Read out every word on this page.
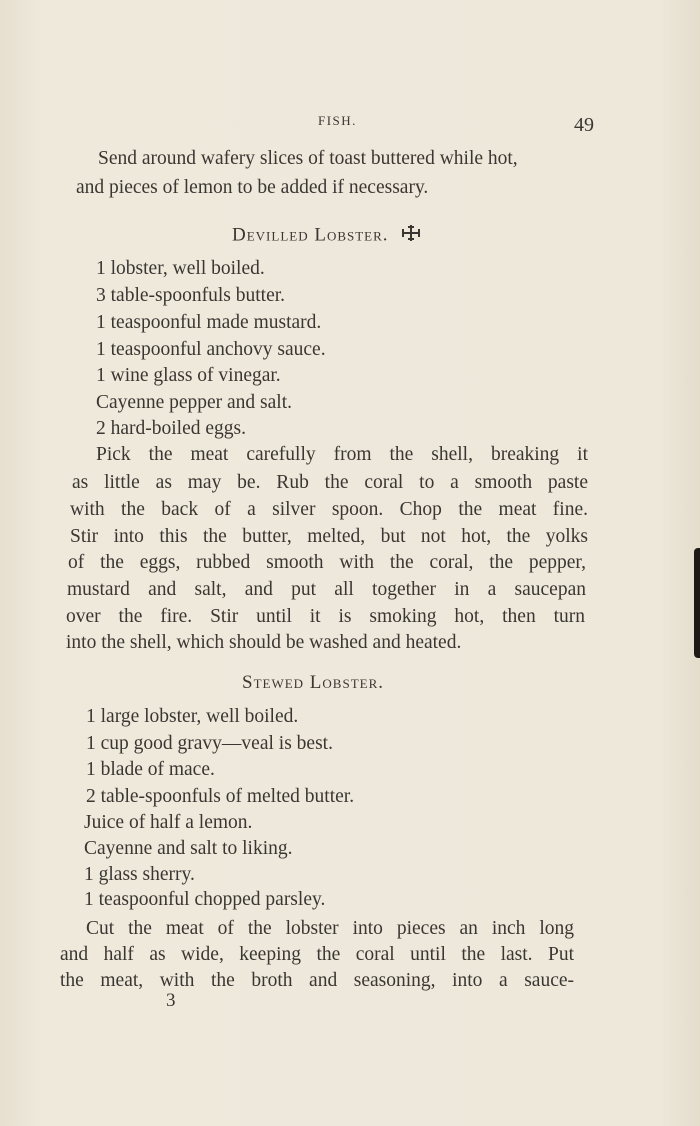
FISH.	49
Send around wafery slices of toast buttered while hot,
and pieces of lemon to be added if necessary.
Devilled Lobster.
1 lobster, well boiled.
3 table-spoonfuls butter.
1 teaspoonful made mustard.
1 teaspoonful anchovy sauce.
1 wine glass of vinegar.
Cayenne pepper and salt.
2 hard-boiled eggs.
Pick the meat carefully from the shell, breaking it
as little as may be. Rub the coral to a smooth paste
with the back of a silver spoon. Chop the meat fine.
Stir into this the butter, melted, but not hot, the yolks
of the eggs, rubbed smooth with the coral, the pepper,
mustard and salt, and put all together in a saucepan
over the fire. Stir until it is smoking hot, then turn
into the shell, which should be washed and heated.
Stewed Lobster.
1 large lobster, well boiled.
1 cup good gravy—veal is best.
1 blade of mace.
2 table-spoonfuls of melted butter.
Juice of half a lemon.
Cayenne and salt to liking.
1 glass sherry.
1 teaspoonful chopped parsley.
Cut the meat of the lobster into pieces an inch long
and half as wide, keeping the coral until the last. Put
the meat, with the broth and seasoning, into a sauce-
3
